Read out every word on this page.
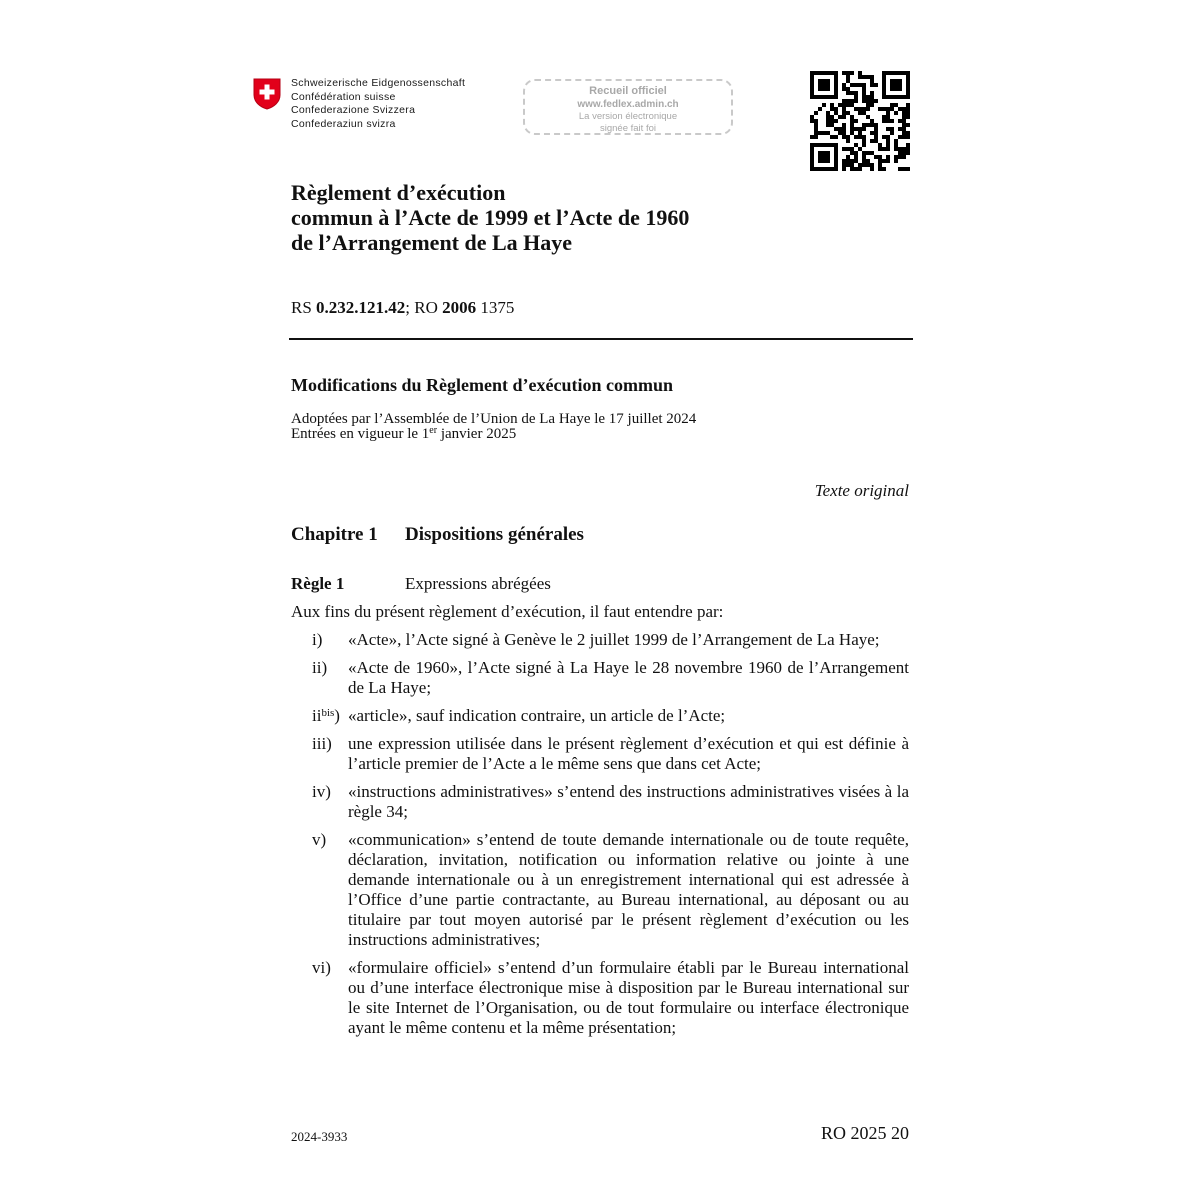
Schweizerische Eidgenossenschaft
Confédération suisse
Confederazione Svizzera
Confederaziun svizra
Recueil officiel
www.fedlex.admin.ch
La version électronique
signée fait foi
Règlement d’exécution
commun à l’Acte de 1999 et l’Acte de 1960
de l’Arrangement de La Haye
RS 0.232.121.42; RO 2006 1375
Modifications du Règlement d’exécution commun
Adoptées par l’Assemblée de l’Union de La Haye le 17 juillet 2024
Entrées en vigueur le 1er janvier 2025
Texte original
Chapitre 1 Dispositions générales
Règle 1	Expressions abrégées
Aux fins du présent règlement d’exécution, il faut entendre par:
i) «Acte», l’Acte signé à Genève le 2 juillet 1999 de l’Arrangement de La Haye;
ii) «Acte de 1960», l’Acte signé à La Haye le 28 novembre 1960 de l’Arrangement de La Haye;
$ii^{bis}$) «article», sauf indication contraire, un article de l’Acte;
iii) une expression utilisée dans le présent règlement d’exécution et qui est définie à l’article premier de l’Acte a le même sens que dans cet Acte;
iv) «instructions administratives» s’entend des instructions administratives visées à la règle 34;
v) «communication» s’entend de toute demande internationale ou de toute requête, déclaration, invitation, notification ou information relative ou jointe à une demande internationale ou à un enregistrement international qui est adressée à l’Office d’une partie contractante, au Bureau international, au déposant ou au titulaire par tout moyen autorisé par le présent règlement d’exécution ou les instructions administratives;
vi) «formulaire officiel» s’entend d’un formulaire établi par le Bureau international ou d’une interface électronique mise à disposition par le Bureau international sur le site Internet de l’Organisation, ou de tout formulaire ou interface électronique ayant le même contenu et la même présentation;
2024-3933	RO 2025 20
